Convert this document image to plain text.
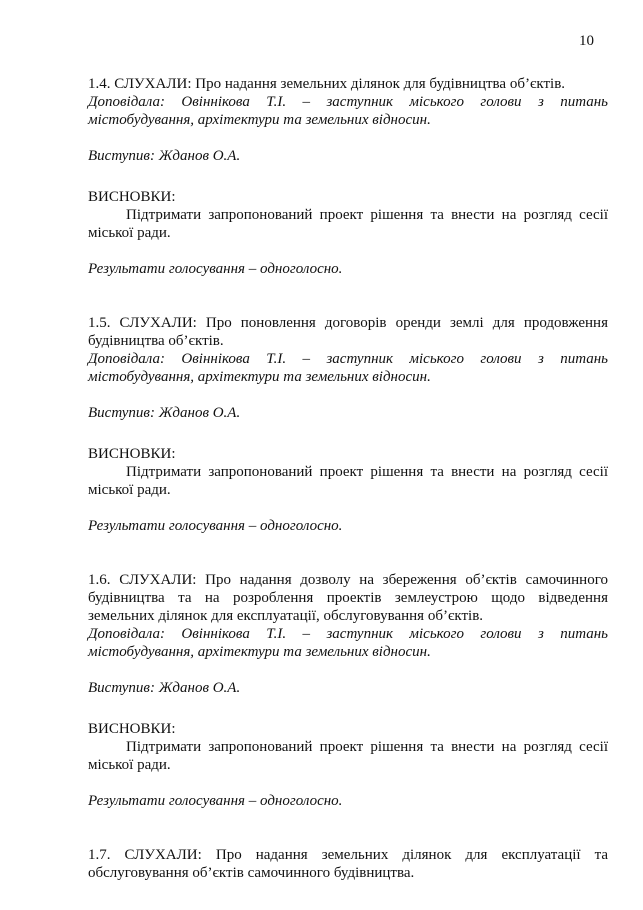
10
1.4. СЛУХАЛИ: Про надання земельних ділянок для будівництва об’єктів.
Доповідала: Овіннікова Т.І. – заступник міського голови з питань
містобудування, архітектури та земельних відносин.
Виступив: Жданов О.А.
ВИСНОВКИ:
Підтримати запропонований проект рішення та внести на розгляд сесії
міської ради.
Результати голосування – одноголосно.
1.5. СЛУХАЛИ: Про поновлення договорів оренди землі для продовження
будівництва об’єктів.
Доповідала: Овіннікова Т.І. – заступник міського голови з питань
містобудування, архітектури та земельних відносин.
Виступив: Жданов О.А.
ВИСНОВКИ:
Підтримати запропонований проект рішення та внести на розгляд сесії
міської ради.
Результати голосування – одноголосно.
1.6. СЛУХАЛИ: Про надання дозволу на збереження об’єктів самочинного
будівництва та на розроблення проектів землеустрою щодо відведення
земельних ділянок для експлуатації, обслуговування об’єктів.
Доповідала: Овіннікова Т.І. – заступник міського голови з питань
містобудування, архітектури та земельних відносин.
Виступив: Жданов О.А.
ВИСНОВКИ:
Підтримати запропонований проект рішення та внести на розгляд сесії
міської ради.
Результати голосування – одноголосно.
1.7. СЛУХАЛИ: Про надання земельних ділянок для експлуатації та
обслуговування об’єктів самочинного будівництва.
